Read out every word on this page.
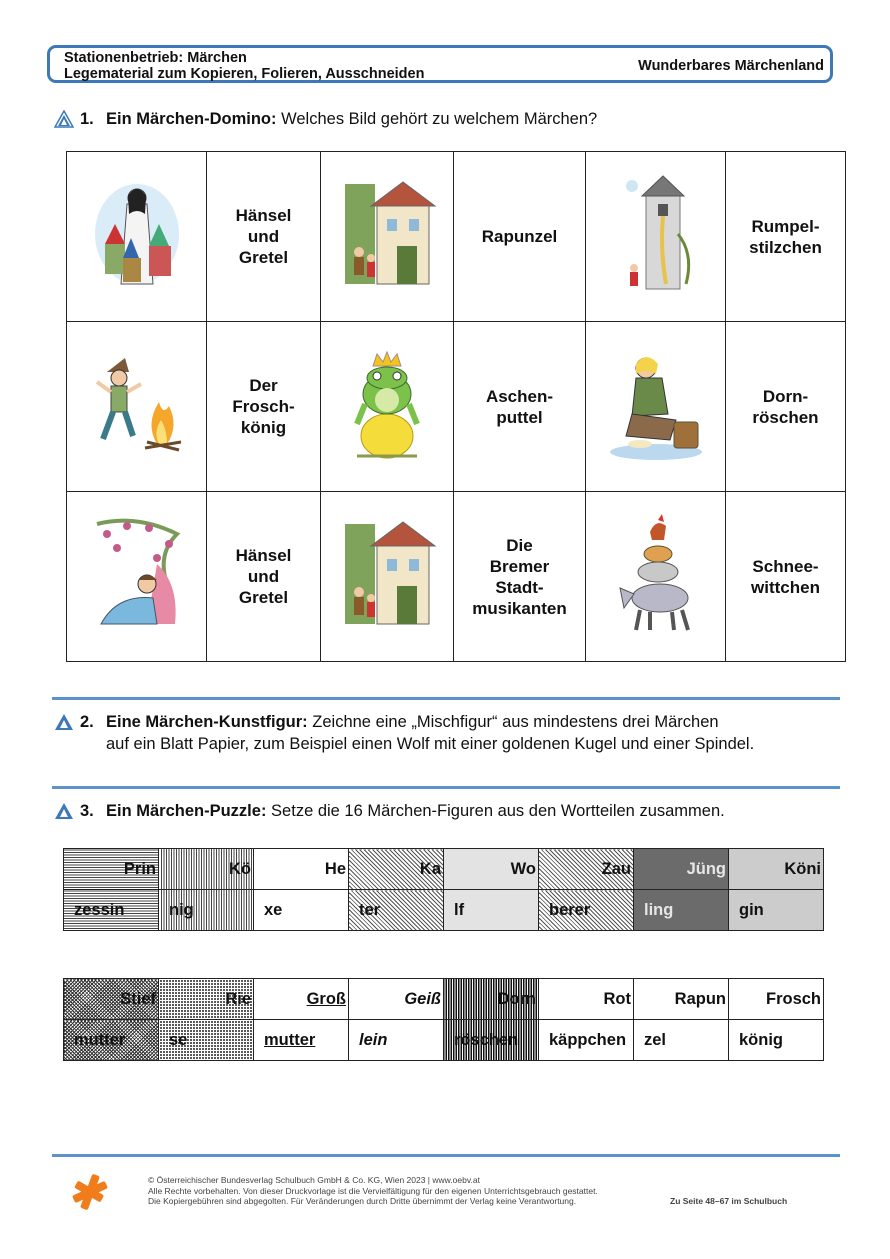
Stationenbetrieb: Märchen
Legematerial zum Kopieren, Folieren, Ausschneiden	Wunderbares Märchenland
1. Ein Märchen-Domino: Welches Bild gehört zu welchem Märchen?
	Hänsel
und
Gretel		Rapunzel		Rumpel-
stilzchen
	Der
Frosch-
könig		Aschen-
puttel		Dorn-
röschen
	Hänsel
und
Gretel		Die
Bremer
Stadt-
musikanten		Schnee-
wittchen
2. Eine Märchen-Kunstfigur: Zeichne eine „Mischfigur“ aus mindestens drei Märchen
auf ein Blatt Papier, zum Beispiel einen Wolf mit einer goldenen Kugel und einer Spindel.
3. Ein Märchen-Puzzle: Setze die 16 Märchen-Figuren aus den Wortteilen zusammen.
Prin	Kö	He	Ka	Wo	Zau	Jüng	Köni
zessin	nig	xe	ter	lf	berer	ling	gin
Stief	Rie	Groß	Geiß	Dorn	Rot	Rapun	Frosch
mutter	se	mutter	lein	röschen	käppchen	zel	könig
© Österreichischer Bundesverlag Schulbuch GmbH & Co. KG, Wien 2023 | www.oebv.at
Alle Rechte vorbehalten. Von dieser Druckvorlage ist die Vervielfältigung für den eigenen Unterrichtsgebrauch gestattet.
Die Kopiergebühren sind abgegolten. Für Veränderungen durch Dritte übernimmt der Verlag keine Verantwortung.	Zu Seite 48–67 im Schulbuch
